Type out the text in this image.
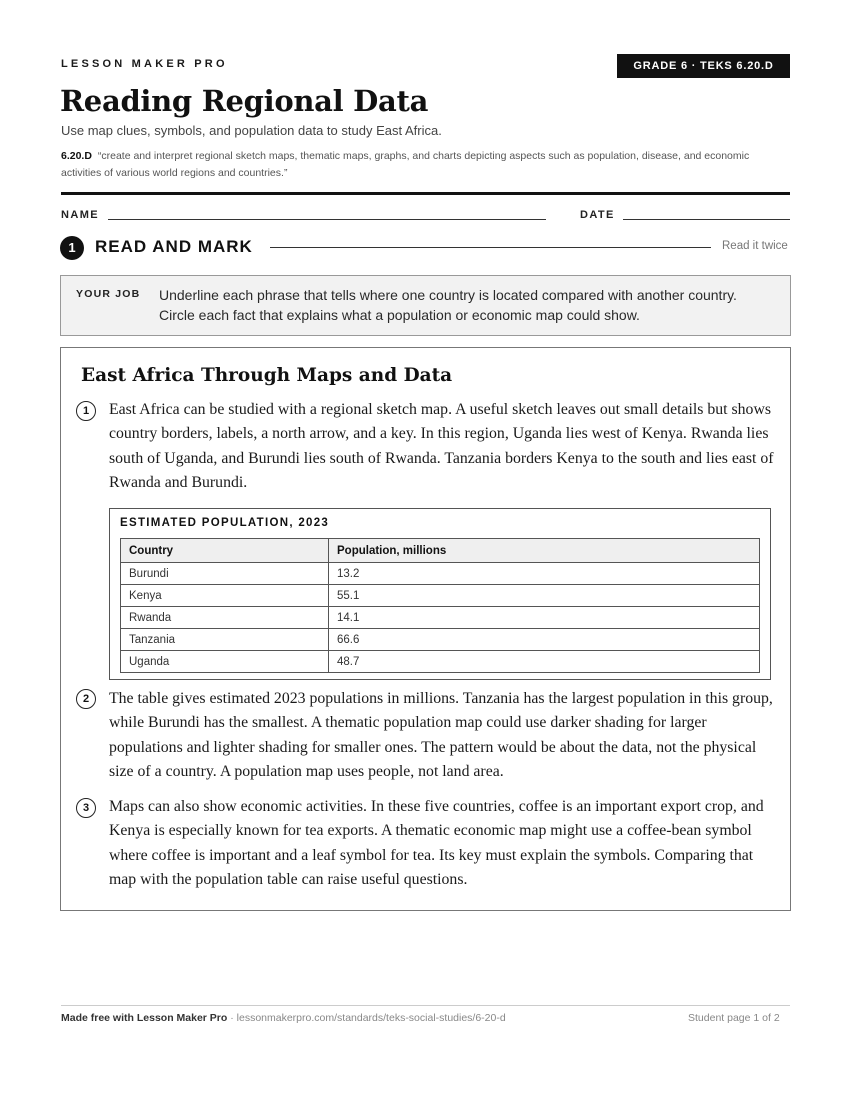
LESSON MAKER PRO	GRADE 6 · TEKS 6.20.D
Reading Regional Data
Use map clues, symbols, and population data to study East Africa.
6.20.D “create and interpret regional sketch maps, thematic maps, graphs, and charts depicting aspects such as population, disease, and economic activities of various world regions and countries.”
NAME	DATE
1	READ AND MARK	Read it twice
YOUR JOB Underline each phrase that tells where one country is located compared with another country. Circle each fact that explains what a population or economic map could show.
East Africa Through Maps and Data
1	East Africa can be studied with a regional sketch map. A useful sketch leaves out small details but shows country borders, labels, a north arrow, and a key. In this region, Uganda lies west of Kenya. Rwanda lies south of Uganda, and Burundi lies south of Rwanda. Tanzania borders Kenya to the south and lies east of Rwanda and Burundi.

ESTIMATED POPULATION, 2023
Country	Population, millions
Burundi	13.2
Kenya	55.1
Rwanda	14.1
Tanzania	66.6
Uganda	48.7
2	The table gives estimated 2023 populations in millions. Tanzania has the largest population in this group, while Burundi has the smallest. A thematic population map could use darker shading for larger populations and lighter shading for smaller ones. The pattern would be about the data, not the physical size of a country. A population map uses people, not land area.

3	Maps can also show economic activities. In these five countries, coffee is an important export crop, and Kenya is especially known for tea exports. A thematic economic map might use a coffee-bean symbol where coffee is important and a leaf symbol for tea. Its key must explain the symbols. Comparing that map with the population table can raise useful questions.

Made free with Lesson Maker Pro · lessonmakerpro.com/standards/teks-social-studies/6-20-d	Student page 1 of 2
